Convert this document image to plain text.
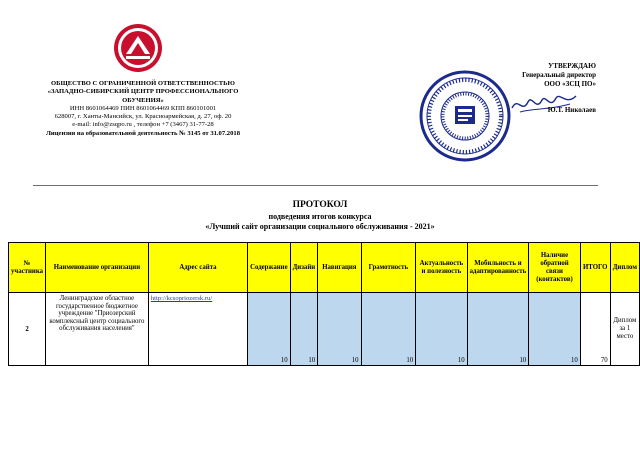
ОБЩЕСТВО С ОГРАНИЧЕННОЙ ОТВЕТСТВЕННОСТЬЮ
«ЗАПАДНО-СИБИРСКИЙ ЦЕНТР ПРОФЕССИОНАЛЬНОГО
ОБУЧЕНИЯ»
ИНН 8601064469 ПИН 8601064469 КПП 860101001
628007, г. Ханты-Мансийск, ул. Красноармейская, д. 27, оф. 20
e-mail: info@zsqpo.ru , телефон +7 (3467) 31-77-28
Лицензия на образовательной деятельность № 3145 от 31.07.2018
УТВЕРЖДАЮ
Генеральный директор
ООО «ЗСЦ ПО»
Ю.Т. Николаев
ПРОТОКОЛ
подведения итогов конкурса
«Лучший сайт организации социального обслуживания - 2021»
№ участника	Наименование организации	Адрес сайта	Содержание	Дизайн	Навигация	Грамотность	Актуальность и полезность	Мобильность и адаптированность	Наличие обратной связи (контактов)	ИТОГО	Диплом
2	Ленинградское областное государственное бюджетное учреждение "Приозерский комплексный центр социального обслуживания населения"	http://kcsopriozersk.ru/	10	10	10	10	10	10	10	70	Диплом за 1 место
